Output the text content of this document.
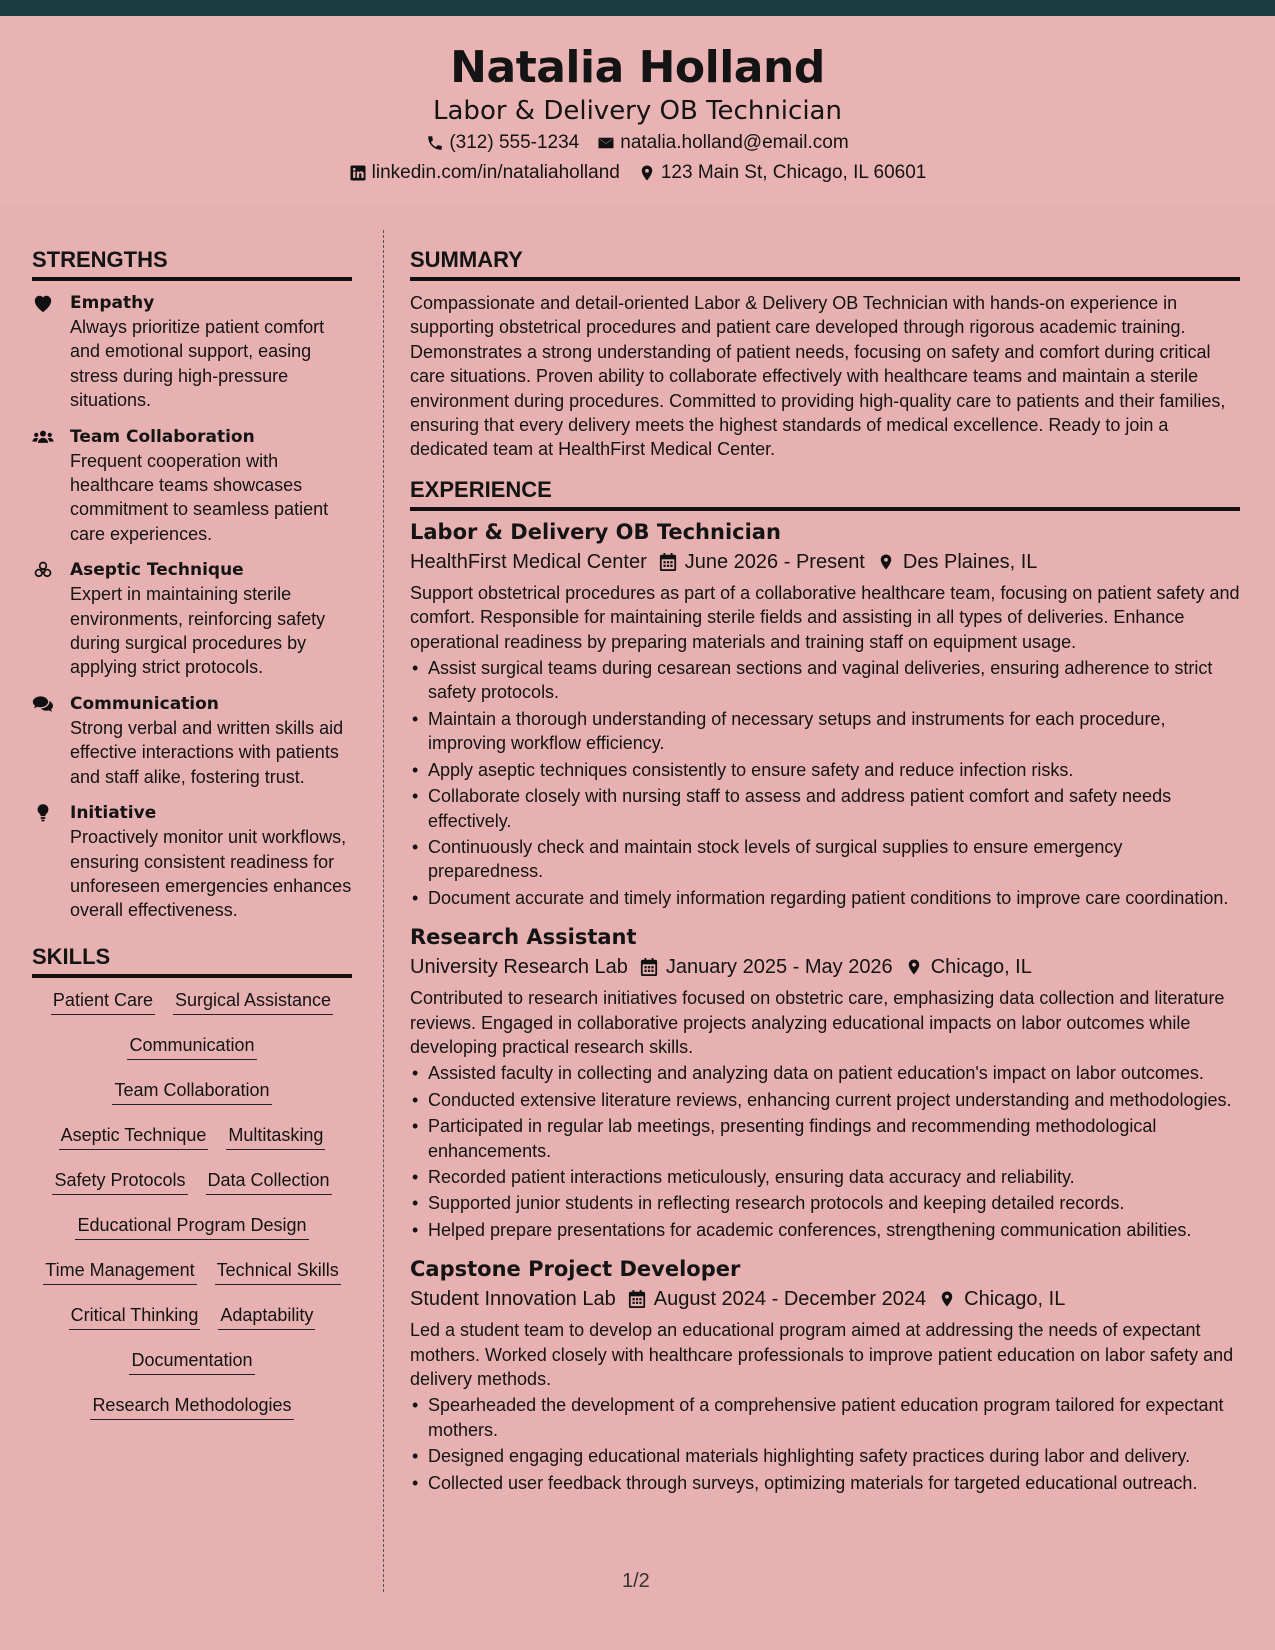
Natalia Holland
Labor & Delivery OB Technician
(312) 555-1234 natalia.holland@email.com
linkedin.com/in/nataliaholland 123 Main St, Chicago, IL 60601
STRENGTHS
Empathy
Always prioritize patient comfort and emotional support, easing stress during high-pressure situations.
Team Collaboration
Frequent cooperation with healthcare teams showcases commitment to seamless patient care experiences.
Aseptic Technique
Expert in maintaining sterile environments, reinforcing safety during surgical procedures by applying strict protocols.
Communication
Strong verbal and written skills aid effective interactions with patients and staff alike, fostering trust.
Initiative
Proactively monitor unit workflows, ensuring consistent readiness for unforeseen emergencies enhances overall effectiveness.
SKILLS
Patient Care Surgical Assistance
Communication
Team Collaboration
Aseptic Technique Multitasking
Safety Protocols Data Collection
Educational Program Design
Time Management Technical Skills
Critical Thinking Adaptability
Documentation
Research Methodologies
SUMMARY
Compassionate and detail-oriented Labor & Delivery OB Technician with hands-on experience in supporting obstetrical procedures and patient care developed through rigorous academic training. Demonstrates a strong understanding of patient needs, focusing on safety and comfort during critical care situations. Proven ability to collaborate effectively with healthcare teams and maintain a sterile environment during procedures. Committed to providing high-quality care to patients and their families, ensuring that every delivery meets the highest standards of medical excellence. Ready to join a dedicated team at HealthFirst Medical Center.
EXPERIENCE
Labor & Delivery OB Technician
HealthFirst Medical Center June 2026 - Present Des Plaines, IL
Support obstetrical procedures as part of a collaborative healthcare team, focusing on patient safety and comfort. Responsible for maintaining sterile fields and assisting in all types of deliveries. Enhance operational readiness by preparing materials and training staff on equipment usage.
• Assist surgical teams during cesarean sections and vaginal deliveries, ensuring adherence to strict safety protocols.
• Maintain a thorough understanding of necessary setups and instruments for each procedure, improving workflow efficiency.
• Apply aseptic techniques consistently to ensure safety and reduce infection risks.
• Collaborate closely with nursing staff to assess and address patient comfort and safety needs effectively.
• Continuously check and maintain stock levels of surgical supplies to ensure emergency preparedness.
• Document accurate and timely information regarding patient conditions to improve care coordination.
Research Assistant
University Research Lab January 2025 - May 2026 Chicago, IL
Contributed to research initiatives focused on obstetric care, emphasizing data collection and literature reviews. Engaged in collaborative projects analyzing educational impacts on labor outcomes while developing practical research skills.
• Assisted faculty in collecting and analyzing data on patient education's impact on labor outcomes.
• Conducted extensive literature reviews, enhancing current project understanding and methodologies.
• Participated in regular lab meetings, presenting findings and recommending methodological enhancements.
• Recorded patient interactions meticulously, ensuring data accuracy and reliability.
• Supported junior students in reflecting research protocols and keeping detailed records.
• Helped prepare presentations for academic conferences, strengthening communication abilities.
Capstone Project Developer
Student Innovation Lab August 2024 - December 2024 Chicago, IL
Led a student team to develop an educational program aimed at addressing the needs of expectant mothers. Worked closely with healthcare professionals to improve patient education on labor safety and delivery methods.
• Spearheaded the development of a comprehensive patient education program tailored for expectant mothers.
• Designed engaging educational materials highlighting safety practices during labor and delivery.
• Collected user feedback through surveys, optimizing materials for targeted educational outreach.
1/2
